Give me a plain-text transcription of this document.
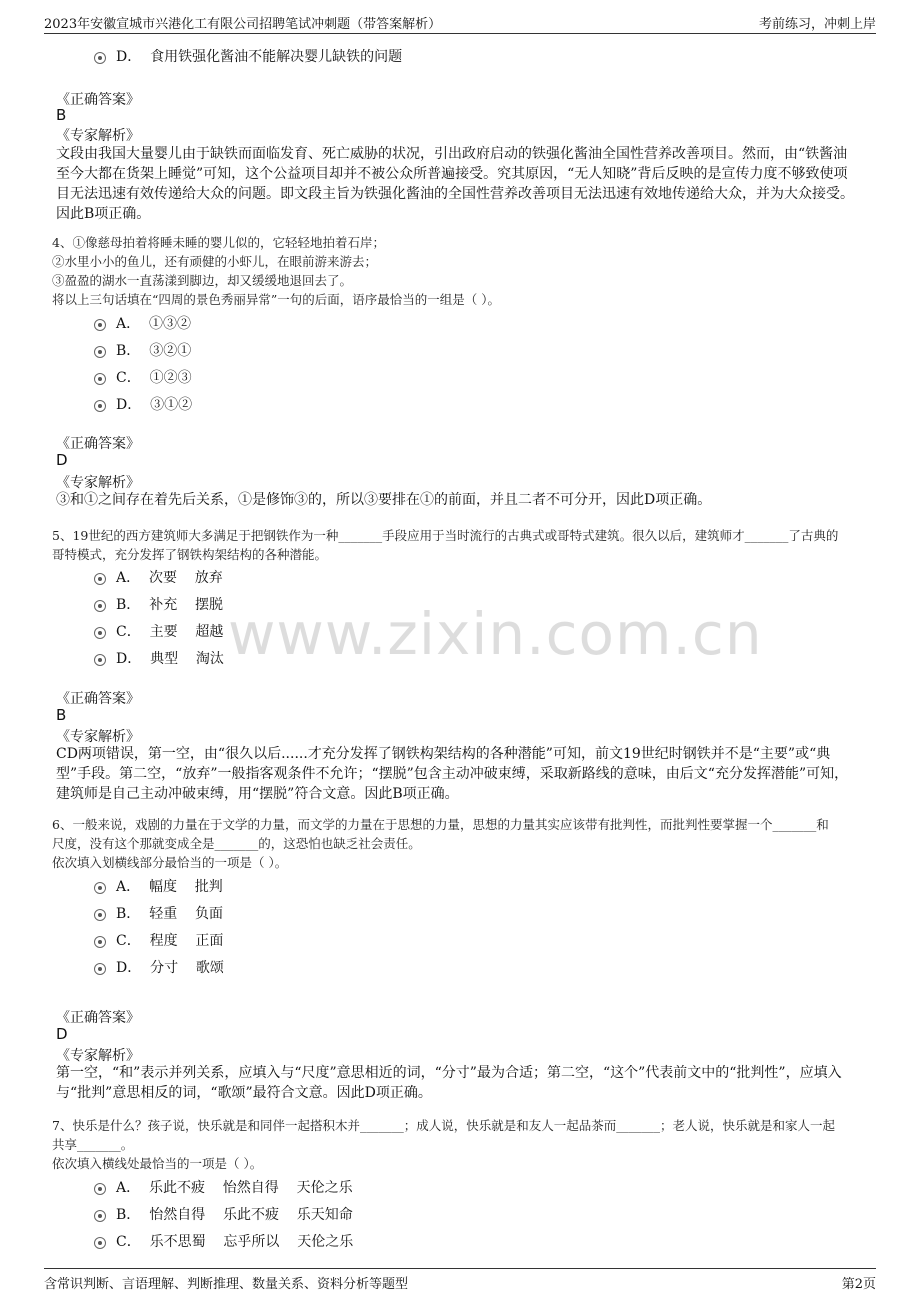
2023年安徽宣城市兴港化工有限公司招聘笔试冲刺题（带答案解析）	考前练习，冲刺上岸
www.zixin.com.cn

D．  食用铁强化酱油不能解决婴儿缺铁的问题

《正确答案》
B
《专家解析》
文段由我国大量婴儿由于缺铁而面临发育、死亡威胁的状况，引出政府启动的铁强化酱油全国性营养改善项目。然而，由“铁酱油至今大都在货架上睡觉”可知，这个公益项目却并不被公众所普遍接受。究其原因，“无人知晓”背后反映的是宣传力度不够致使项目无法迅速有效传递给大众的问题。即文段主旨为铁强化酱油的全国性营养改善项目无法迅速有效地传递给大众，并为大众接受。因此B项正确。
4、①像慈母拍着将睡未睡的婴儿似的，它轻轻地拍着石岸；
②水里小小的鱼儿，还有顽健的小虾儿，在眼前游来游去；
③盈盈的湖水一直荡漾到脚边，却又缓缓地退回去了。
将以上三句话填在“四周的景色秀丽异常”一句的后面，语序最恰当的一组是（ ）。

A．  ①③②

B．  ③②①

C．  ①②③

D．  ③①②

《正确答案》
D
《专家解析》
③和①之间存在着先后关系，①是修饰③的，所以③要排在①的前面，并且二者不可分开，因此D项正确。
5、19世纪的西方建筑师大多满足于把钢铁作为一种_______手段应用于当时流行的古典式或哥特式建筑。很久以后，建筑师才_______了古典的
哥特模式，充分发挥了钢铁构架结构的各种潜能。

A．  次要    放弃

B．  补充    摆脱

C．  主要    超越

D．  典型    淘汰

《正确答案》
B
《专家解析》
CD两项错误，第一空，由“很久以后......才充分发挥了钢铁构架结构的各种潜能”可知，前文19世纪时钢铁并不是“主要”或“典型”手段。第二空，“放弃”一般指客观条件不允许；“摆脱”包含主动冲破束缚，采取新路线的意味，由后文“充分发挥潜能”可知，建筑师是自己主动冲破束缚，用“摆脱”符合文意。因此B项正确。
6、一般来说，戏剧的力量在于文学的力量，而文学的力量在于思想的力量，思想的力量其实应该带有批判性，而批判性要掌握一个_______和
尺度，没有这个那就变成全是_______的，这恐怕也缺乏社会责任。
依次填入划横线部分最恰当的一项是（ ）。

A．  幅度    批判

B．  轻重    负面

C．  程度    正面

D．  分寸    歌颂

《正确答案》
D
《专家解析》
第一空，“和”表示并列关系，应填入与“尺度”意思相近的词，“分寸”最为合适；第二空，“这个”代表前文中的“批判性”，应填入与“批判”意思相反的词，“歌颂”最符合文意。因此D项正确。
7、快乐是什么？孩子说，快乐就是和同伴一起搭积木并_______；成人说，快乐就是和友人一起品茶而_______；老人说，快乐就是和家人一起
共享_______。
依次填入横线处最恰当的一项是（ ）。

A．  乐此不疲    怡然自得    天伦之乐

B．  怡然自得    乐此不疲    乐天知命

C．  乐不思蜀    忘乎所以    天伦之乐

含常识判断、言语理解、判断推理、数量关系、资料分析等题型	第2页
